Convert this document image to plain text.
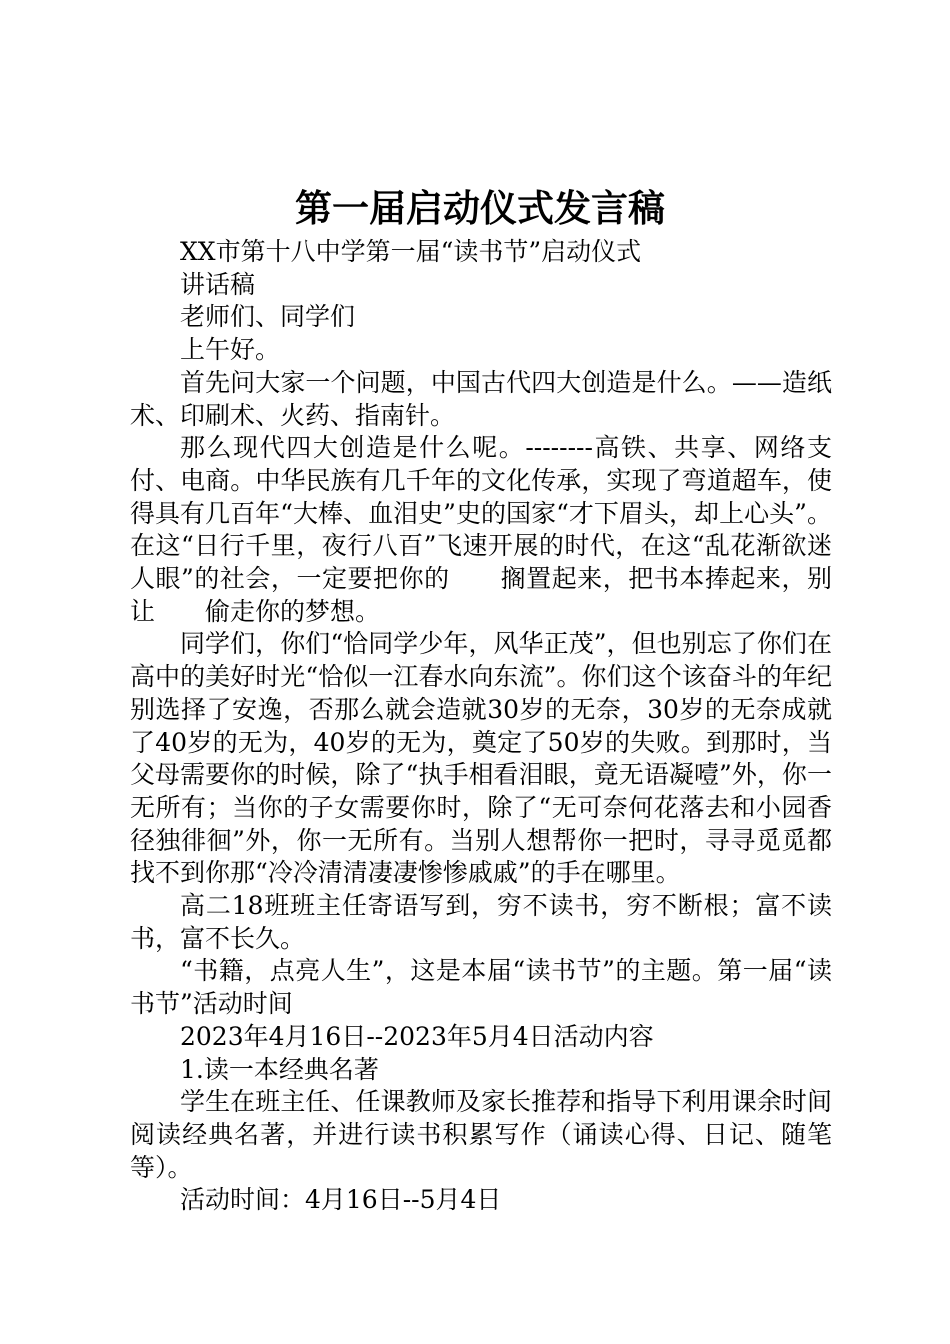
第一届启动仪式发言稿

XX市第十八中学第一届“读书节”启动仪式

讲话稿

老师们、同学们

上午好。

首先问大家一个问题，中国古代四大创造是什么。——造纸术、印刷术、火药、指南针。

那么现代四大创造是什么呢。--------高铁、共享、网络支付、电商。中华民族有几千年的文化传承，实现了弯道超车，使得具有几百年“大棒、血泪史”史的国家“才下眉头，却上心头”。在这“日行千里，夜行八百”飞速开展的时代，在这“乱花渐欲迷人眼”的社会，一定要把你的　　搁置起来，把书本捧起来，别让　　偷走你的梦想。

同学们，你们“恰同学少年，风华正茂”，但也别忘了你们在高中的美好时光“恰似一江春水向东流”。你们这个该奋斗的年纪别选择了安逸，否那么就会造就30岁的无奈，30岁的无奈成就了40岁的无为，40岁的无为，奠定了50岁的失败。到那时，当父母需要你的时候，除了“执手相看泪眼，竟无语凝噎”外，你一无所有；当你的子女需要你时，除了“无可奈何花落去和小园香径独徘徊”外，你一无所有。当别人想帮你一把时，寻寻觅觅都找不到你那“冷冷清清凄凄惨惨戚戚”的手在哪里。

高二18班班主任寄语写到，穷不读书，穷不断根；富不读书，富不长久。

“书籍，点亮人生”，这是本届“读书节”的主题。第一届“读书节”活动时间

2023年4月16日--2023年5月4日活动内容

1.读一本经典名著

学生在班主任、任课教师及家长推荐和指导下利用课余时间阅读经典名著，并进行读书积累写作（诵读心得、日记、随笔等）。

活动时间：4月16日--5月4日
